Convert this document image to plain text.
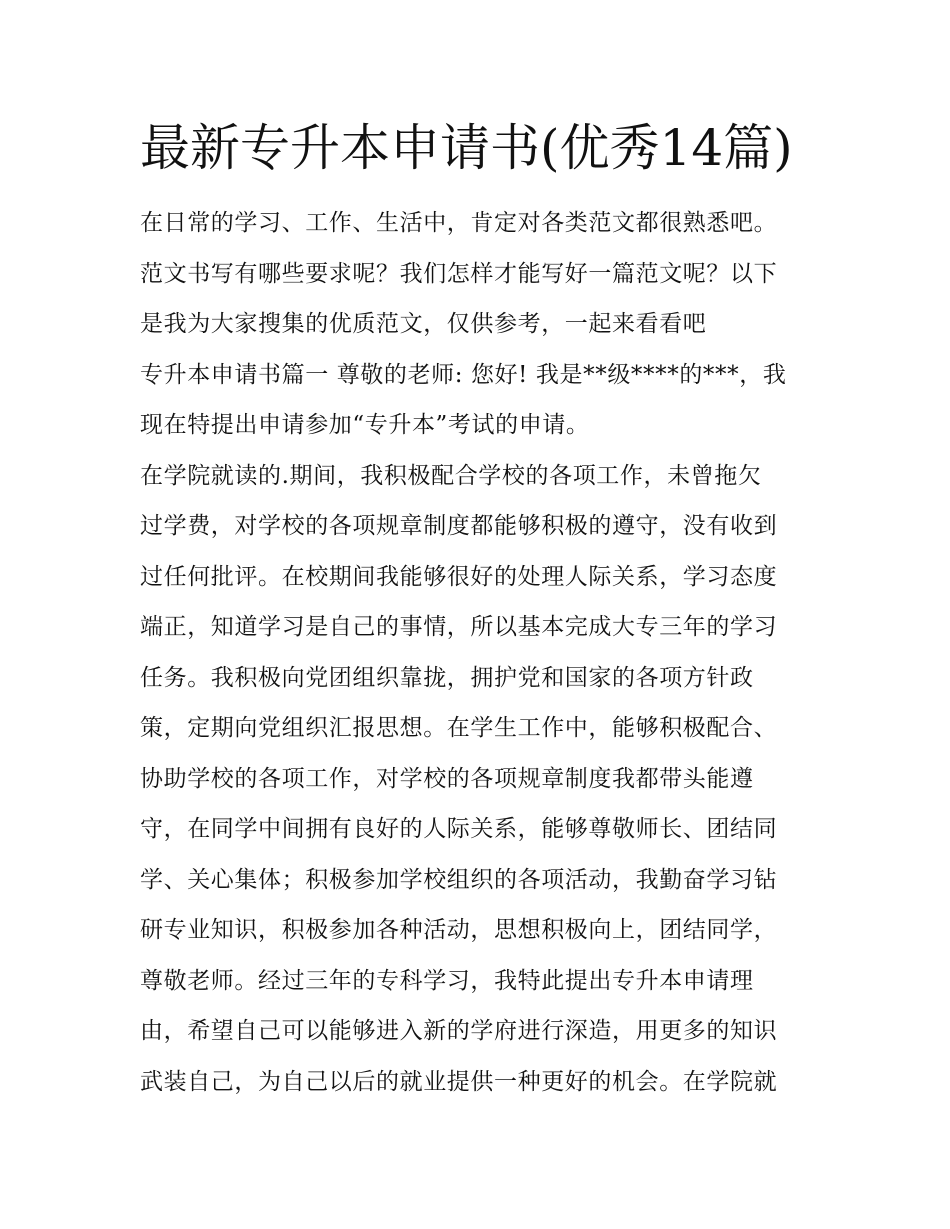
最新专升本申请书(优秀14篇)
在日常的学习、工作、生活中，肯定对各类范文都很熟悉吧。
范文书写有哪些要求呢？我们怎样才能写好一篇范文呢？以下
是我为大家搜集的优质范文，仅供参考，一起来看看吧
专升本申请书篇一 尊敬的老师: 您好! 我是**级****的***，我
现在特提出申请参加“专升本”考试的申请。
在学院就读的.期间，我积极配合学校的各项工作，未曾拖欠
过学费，对学校的各项规章制度都能够积极的遵守，没有收到
过任何批评。在校期间我能够很好的处理人际关系，学习态度
端正，知道学习是自己的事情，所以基本完成大专三年的学习
任务。我积极向党团组织靠拢，拥护党和国家的各项方针政
策，定期向党组织汇报思想。在学生工作中，能够积极配合、
协助学校的各项工作，对学校的各项规章制度我都带头能遵
守，在同学中间拥有良好的人际关系，能够尊敬师长、团结同
学、关心集体；积极参加学校组织的各项活动，我勤奋学习钻
研专业知识，积极参加各种活动，思想积极向上，团结同学，
尊敬老师。经过三年的专科学习，我特此提出专升本申请理
由，希望自己可以能够进入新的学府进行深造，用更多的知识
武装自己，为自己以后的就业提供一种更好的机会。在学院就
